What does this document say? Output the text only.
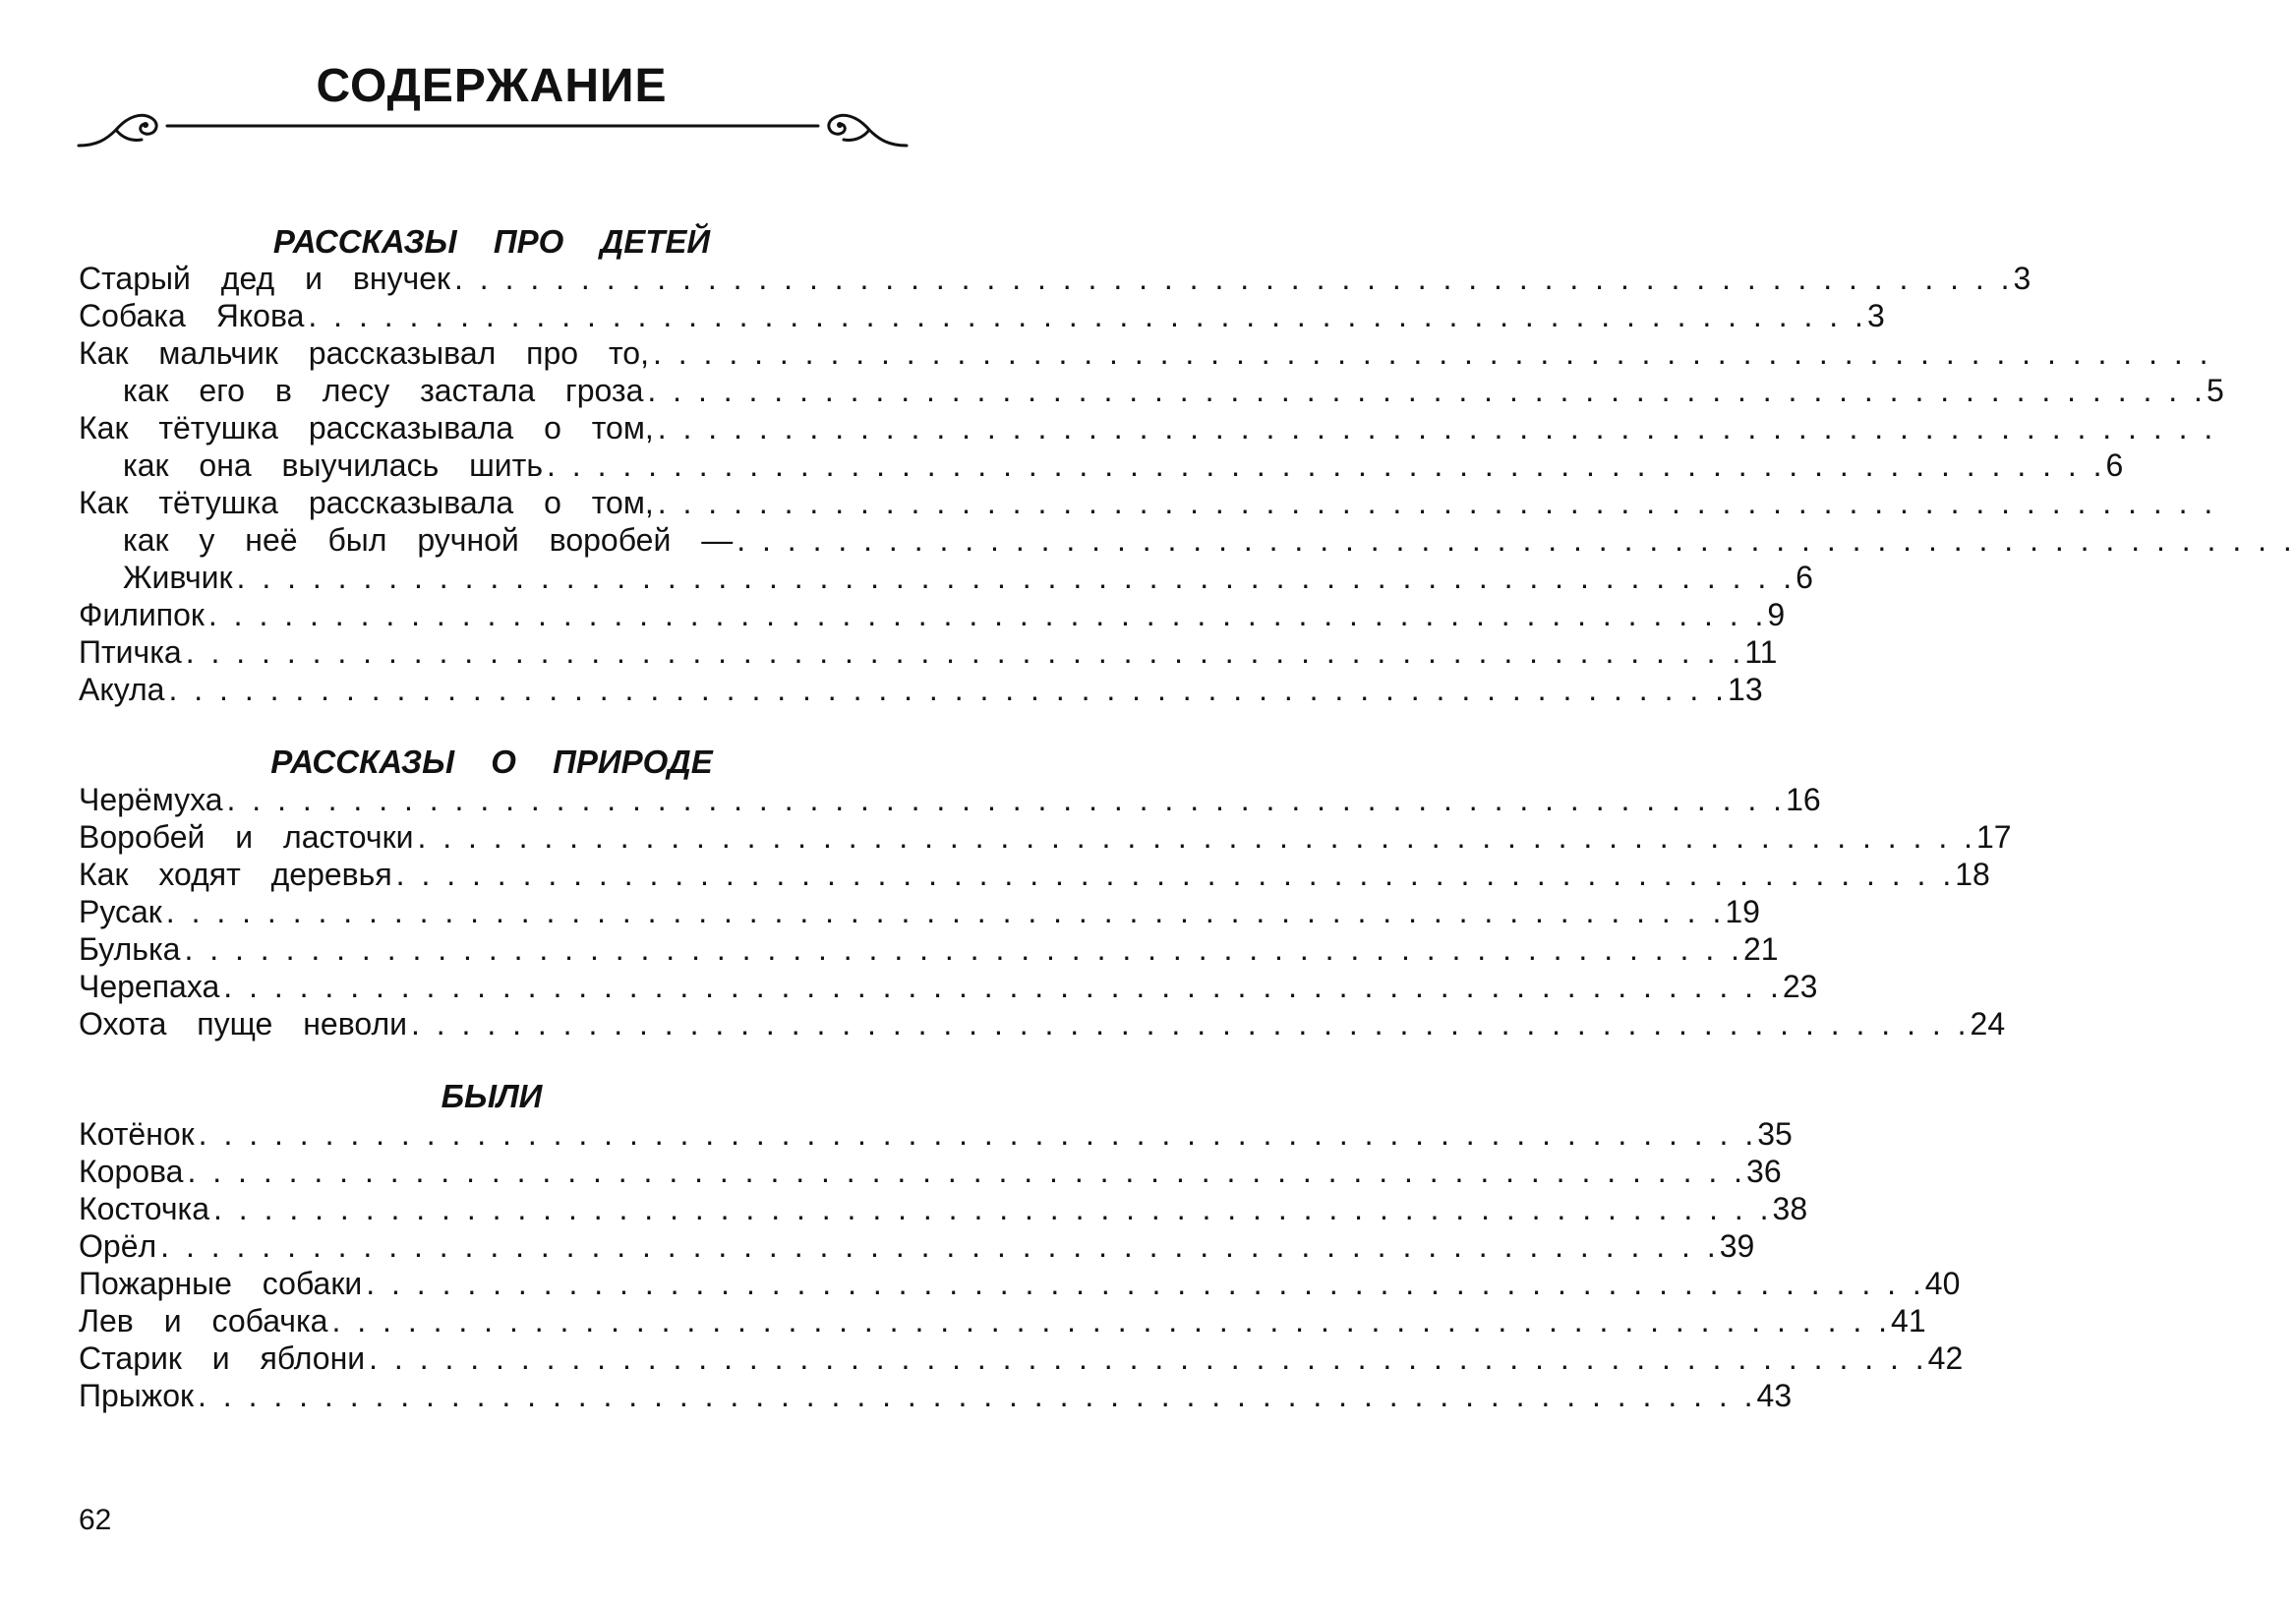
СОДЕРЖАНИЕ
РАССКАЗЫ ПРО ДЕТЕЙ
Старый дед и внучек . . . . . . . . . . . . . . . . . . . . . . . . . . . . . . . . . . . . . . . . . . . . . . . . . . . . . . . . . . . . . . 3
Собака Якова . . . . . . . . . . . . . . . . . . . . . . . . . . . . . . . . . . . . . . . . . . . . . . . . . . . . . . . . . . . . . . 3
Как мальчик рассказывал про то, . . . . . . . . . . . . . . . . . . . . . . . . . . . . . . . . . . . . . . . . . . . . . . . . . . . . . . . . . . . . . .
как его в лесу застала гроза . . . . . . . . . . . . . . . . . . . . . . . . . . . . . . . . . . . . . . . . . . . . . . . . . . . . . . . . . . . . . . 5
Как тётушка рассказывала о том, . . . . . . . . . . . . . . . . . . . . . . . . . . . . . . . . . . . . . . . . . . . . . . . . . . . . . . . . . . . . . .
как она выучилась шить . . . . . . . . . . . . . . . . . . . . . . . . . . . . . . . . . . . . . . . . . . . . . . . . . . . . . . . . . . . . . . 6
Как тётушка рассказывала о том, . . . . . . . . . . . . . . . . . . . . . . . . . . . . . . . . . . . . . . . . . . . . . . . . . . . . . . . . . . . . . .
как у неё был ручной воробей — . . . . . . . . . . . . . . . . . . . . . . . . . . . . . . . . . . . . . . . . . . . . . . . . . . . . . . . . . . . . . .
Живчик . . . . . . . . . . . . . . . . . . . . . . . . . . . . . . . . . . . . . . . . . . . . . . . . . . . . . . . . . . . . . . 6
Филипок . . . . . . . . . . . . . . . . . . . . . . . . . . . . . . . . . . . . . . . . . . . . . . . . . . . . . . . . . . . . . . 9
Птичка . . . . . . . . . . . . . . . . . . . . . . . . . . . . . . . . . . . . . . . . . . . . . . . . . . . . . . . . . . . . . . 11
Акула . . . . . . . . . . . . . . . . . . . . . . . . . . . . . . . . . . . . . . . . . . . . . . . . . . . . . . . . . . . . . . 13
РАССКАЗЫ О ПРИРОДЕ
Черёмуха . . . . . . . . . . . . . . . . . . . . . . . . . . . . . . . . . . . . . . . . . . . . . . . . . . . . . . . . . . . . . . 16
Воробей и ласточки . . . . . . . . . . . . . . . . . . . . . . . . . . . . . . . . . . . . . . . . . . . . . . . . . . . . . . . . . . . . . . 17
Как ходят деревья . . . . . . . . . . . . . . . . . . . . . . . . . . . . . . . . . . . . . . . . . . . . . . . . . . . . . . . . . . . . . . 18
Русак . . . . . . . . . . . . . . . . . . . . . . . . . . . . . . . . . . . . . . . . . . . . . . . . . . . . . . . . . . . . . . 19
Булька . . . . . . . . . . . . . . . . . . . . . . . . . . . . . . . . . . . . . . . . . . . . . . . . . . . . . . . . . . . . . . 21
Черепаха . . . . . . . . . . . . . . . . . . . . . . . . . . . . . . . . . . . . . . . . . . . . . . . . . . . . . . . . . . . . . . 23
Охота пуще неволи . . . . . . . . . . . . . . . . . . . . . . . . . . . . . . . . . . . . . . . . . . . . . . . . . . . . . . . . . . . . . . 24
БЫЛИ
Котёнок . . . . . . . . . . . . . . . . . . . . . . . . . . . . . . . . . . . . . . . . . . . . . . . . . . . . . . . . . . . . . . 35
Корова . . . . . . . . . . . . . . . . . . . . . . . . . . . . . . . . . . . . . . . . . . . . . . . . . . . . . . . . . . . . . . 36
Косточка . . . . . . . . . . . . . . . . . . . . . . . . . . . . . . . . . . . . . . . . . . . . . . . . . . . . . . . . . . . . . . 38
Орёл . . . . . . . . . . . . . . . . . . . . . . . . . . . . . . . . . . . . . . . . . . . . . . . . . . . . . . . . . . . . . . 39
Пожарные собаки . . . . . . . . . . . . . . . . . . . . . . . . . . . . . . . . . . . . . . . . . . . . . . . . . . . . . . . . . . . . . . 40
Лев и собачка . . . . . . . . . . . . . . . . . . . . . . . . . . . . . . . . . . . . . . . . . . . . . . . . . . . . . . . . . . . . . . 41
Старик и яблони . . . . . . . . . . . . . . . . . . . . . . . . . . . . . . . . . . . . . . . . . . . . . . . . . . . . . . . . . . . . . . 42
Прыжок . . . . . . . . . . . . . . . . . . . . . . . . . . . . . . . . . . . . . . . . . . . . . . . . . . . . . . . . . . . . . . 43
62
